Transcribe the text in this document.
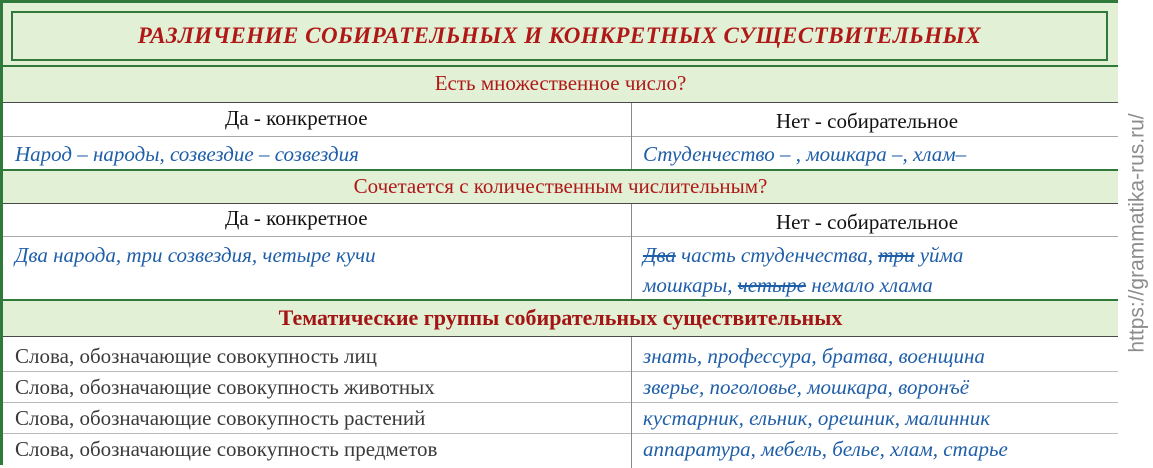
РАЗЛИЧЕНИЕ СОБИРАТЕЛЬНЫХ И КОНКРЕТНЫХ СУЩЕСТВИТЕЛЬНЫХ
Есть множественное число?
Да - конкретное	Нет - собирательное
Народ – народы, созвездие – созвездия	Студенчество – , мошкара –, хлам–
Сочетается с количественным числительным?
Да - конкретное	Нет - собирательное
Два народа, три созвездия, четыре кучи	Два часть студенчества, три уйма
мошкары, четыре немало хлама
Тематические группы собирательных существительных
Слова, обозначающие совокупность лиц	знать, профессура, братва, военщина
Слова, обозначающие совокупность животных	зверье, поголовье, мошкара, воронъё
Слова, обозначающие совокупность растений	кустарник, ельник, орешник, малинник
Слова, обозначающие совокупность предметов	аппаратура, мебель, белье, хлам, старье
https://grammatika-rus.ru/
